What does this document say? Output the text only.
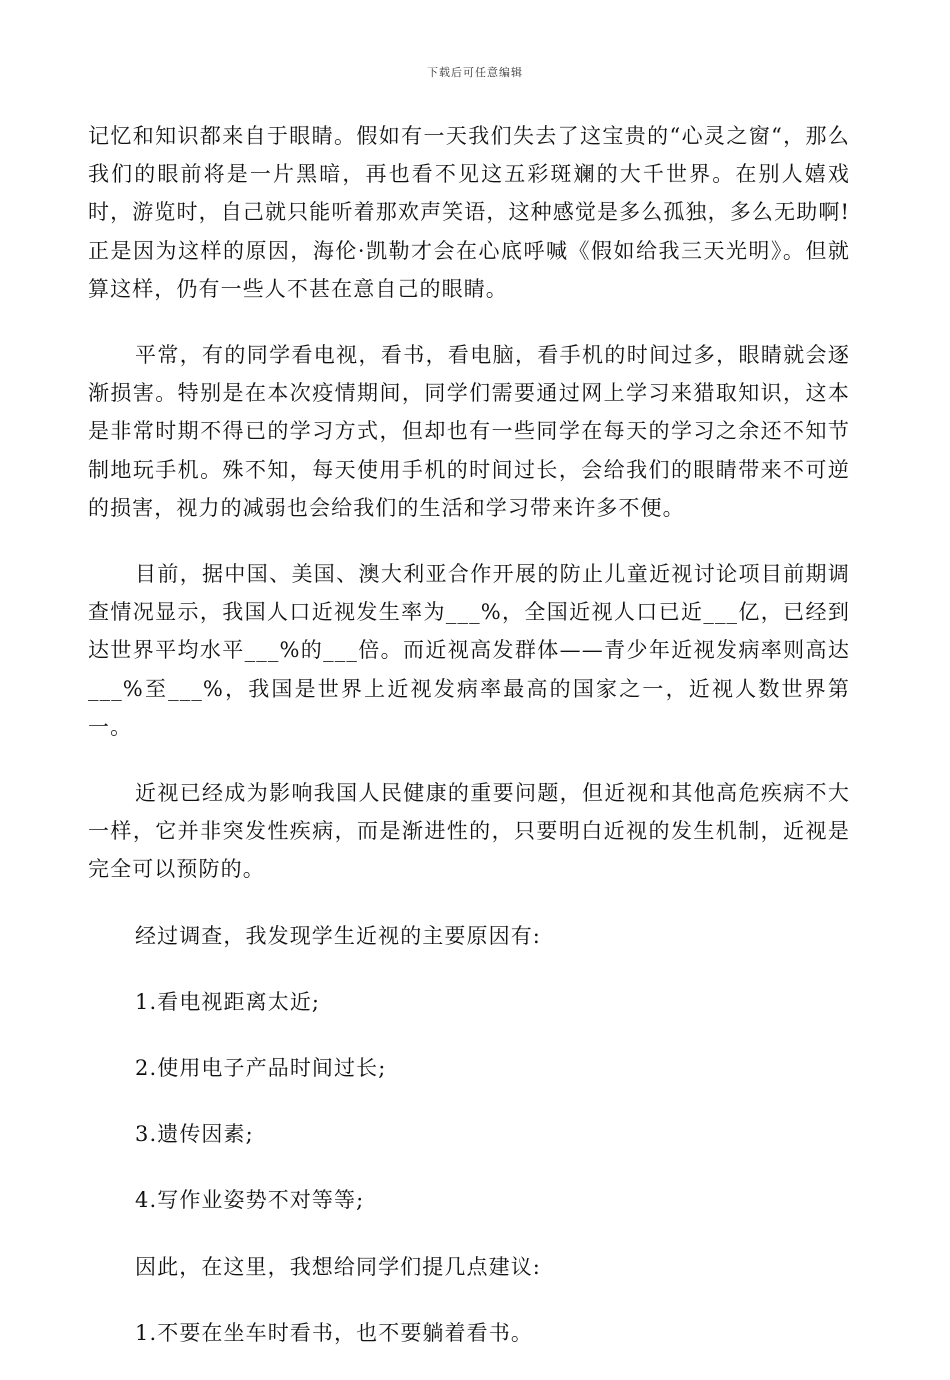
下载后可任意编辑

记忆和知识都来自于眼睛。假如有一天我们失去了这宝贵的“心灵之窗“，那么我们的眼前将是一片黑暗，再也看不见这五彩斑斓的大千世界。在别人嬉戏时，游览时，自己就只能听着那欢声笑语，这种感觉是多么孤独，多么无助啊!正是因为这样的原因，海伦·凯勒才会在心底呼喊《假如给我三天光明》。但就算这样，仍有一些人不甚在意自己的眼睛。

平常，有的同学看电视，看书，看电脑，看手机的时间过多，眼睛就会逐渐损害。特别是在本次疫情期间，同学们需要通过网上学习来猎取知识，这本是非常时期不得已的学习方式，但却也有一些同学在每天的学习之余还不知节制地玩手机。殊不知，每天使用手机的时间过长，会给我们的眼睛带来不可逆的损害，视力的减弱也会给我们的生活和学习带来许多不便。

目前，据中国、美国、澳大利亚合作开展的防止儿童近视讨论项目前期调查情况显示，我国人口近视发生率为___%，全国近视人口已近___亿，已经到达世界平均水平___%的___倍。而近视高发群体——青少年近视发病率则高达___%至___%，我国是世界上近视发病率最高的国家之一，近视人数世界第一。

近视已经成为影响我国人民健康的重要问题，但近视和其他高危疾病不大一样，它并非突发性疾病，而是渐进性的，只要明白近视的发生机制，近视是完全可以预防的。

经过调查，我发现学生近视的主要原因有:

1.看电视距离太近;

2.使用电子产品时间过长;

3.遗传因素;

4.写作业姿势不对等等;

因此，在这里，我想给同学们提几点建议:

1.不要在坐车时看书，也不要躺着看书。
